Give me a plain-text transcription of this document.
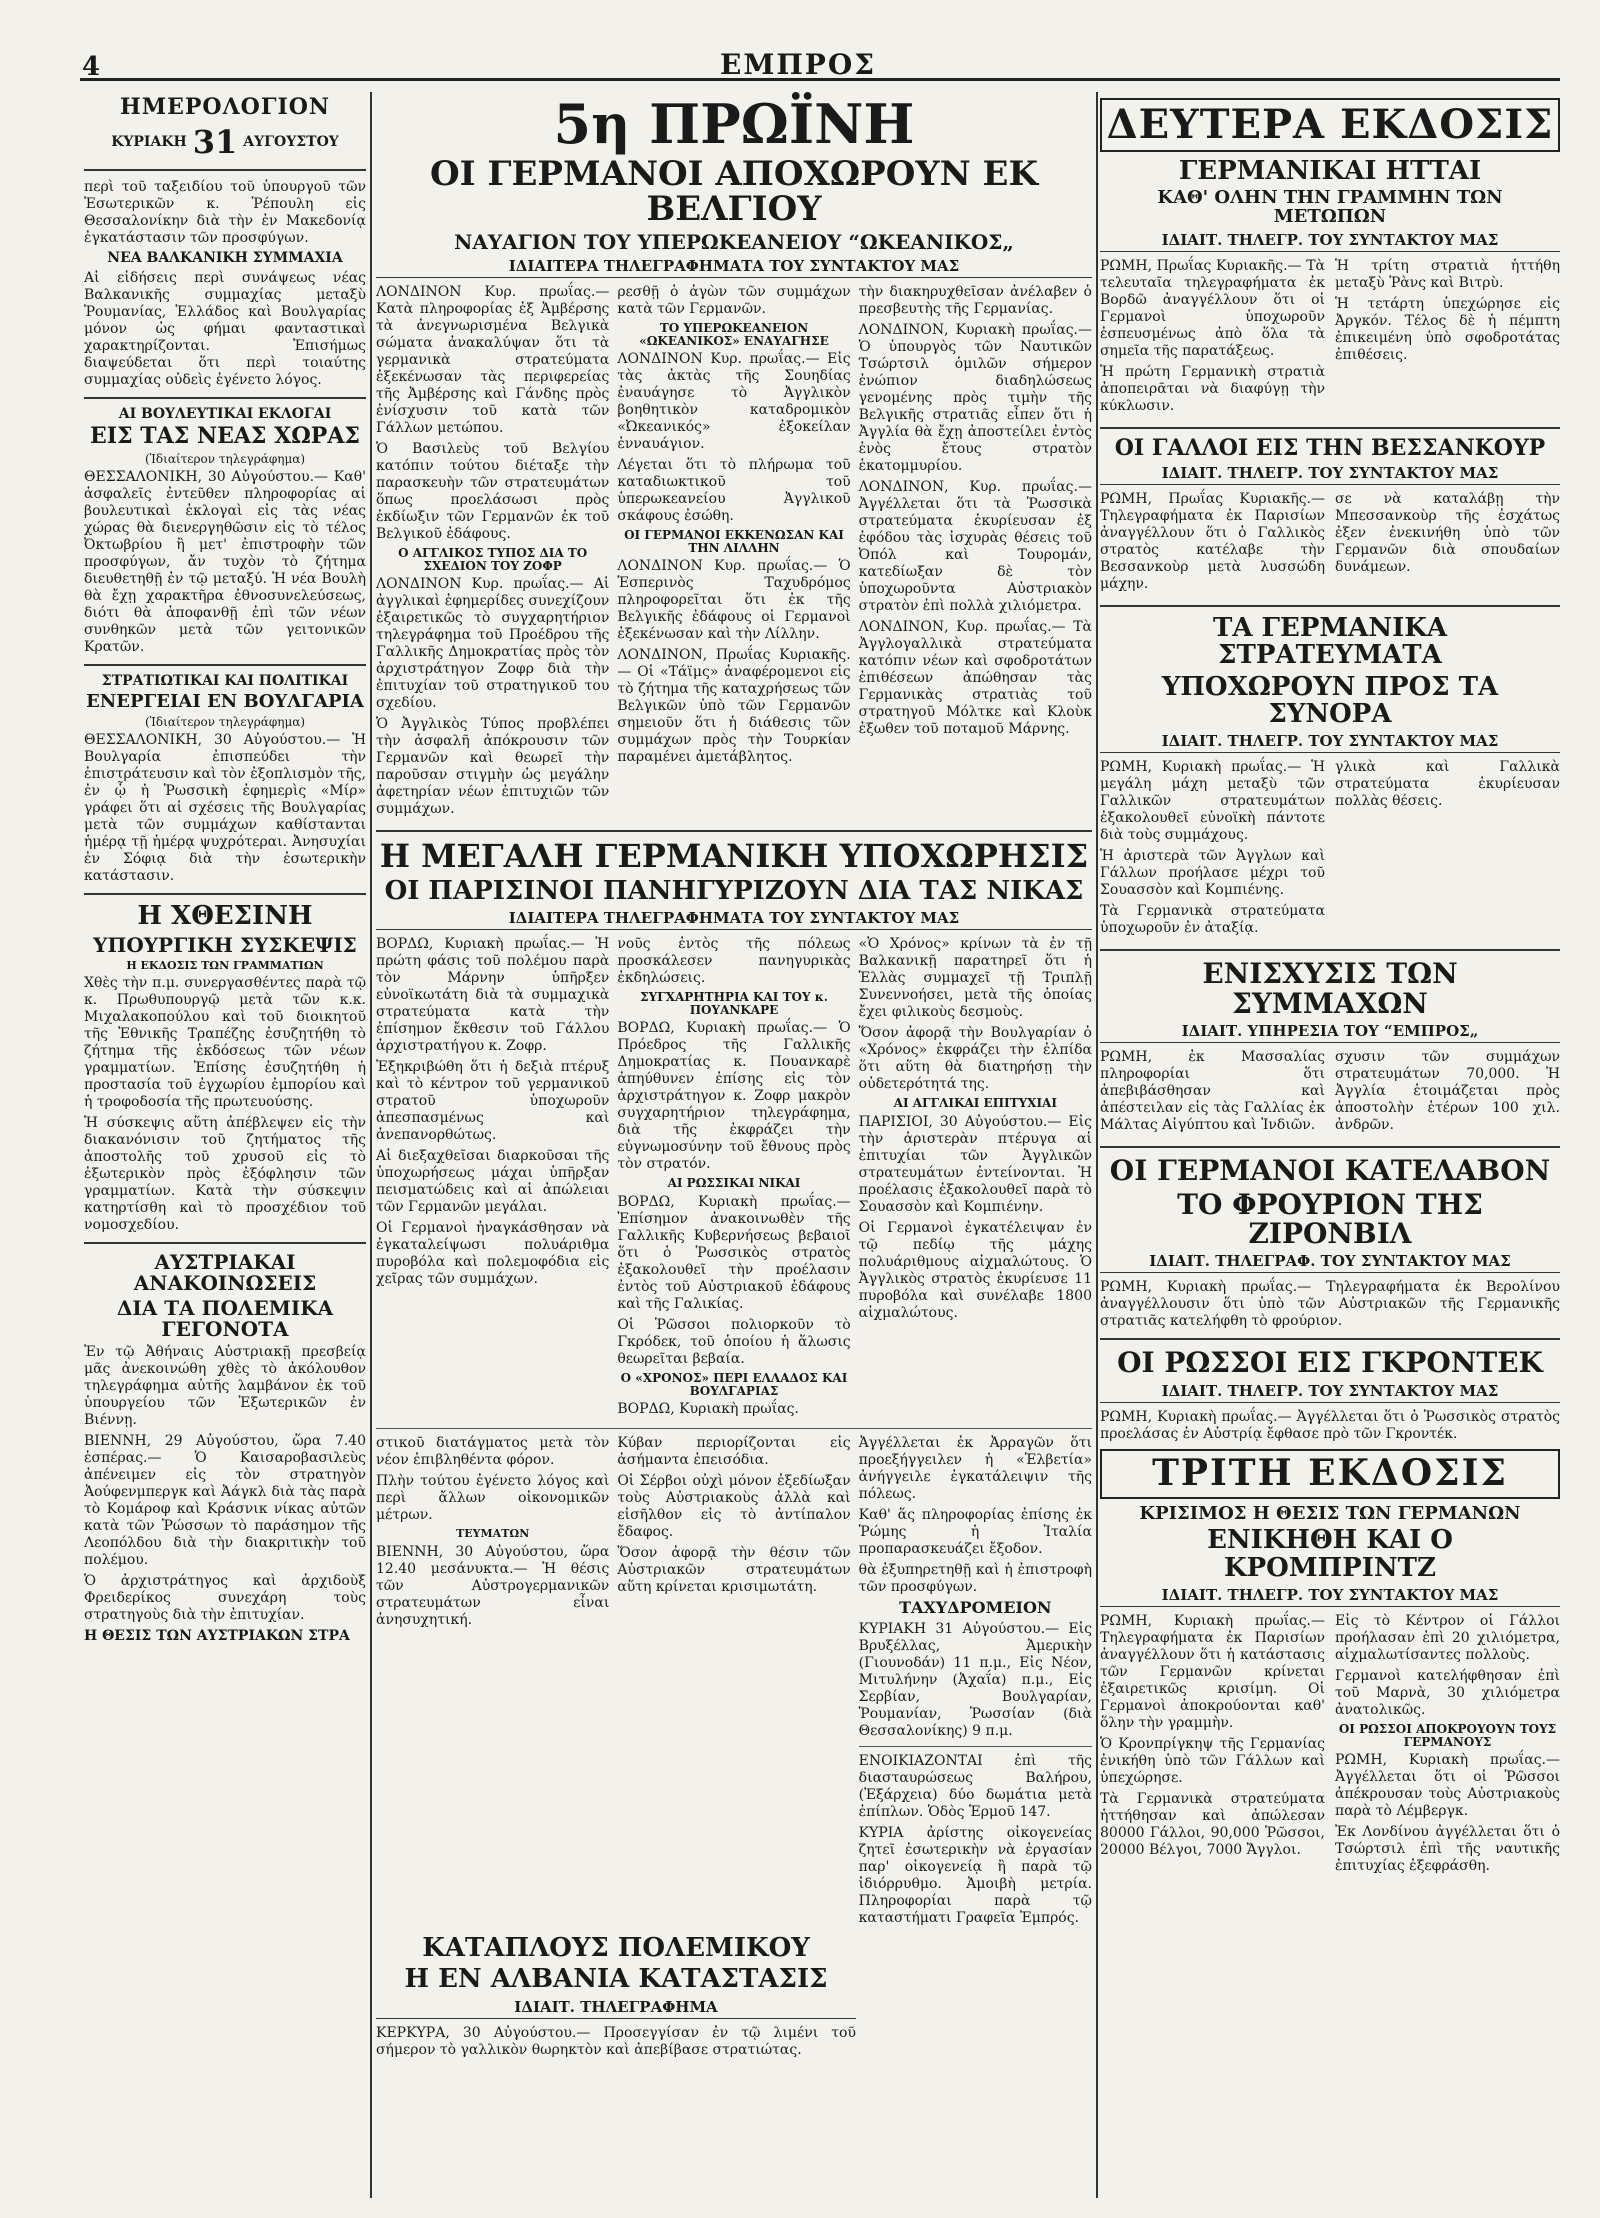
4	ΕΜΠΡΟΣ
ΗΜΕΡΟΛΟΓΙΟΝ
ΚΥΡΙΑΚΗ 31 ΑΥΓΟΥΣΤΟΥ

περὶ τοῦ ταξειδίου τοῦ ὑπουργοῦ τῶν Ἐσωτερικῶν κ. Ῥέπουλη εἰς Θεσσαλονίκην διὰ τὴν ἐν Μακεδονίᾳ ἐγκατάστασιν τῶν προσφύγων.

ΝΕΑ ΒΑΛΚΑΝΙΚΗ ΣΥΜΜΑΧΙΑ

Αἱ εἰδήσεις περὶ συνάψεως νέας Βαλκανικῆς συμμαχίας μεταξὺ Ῥουμανίας, Ἑλλάδος καὶ Βουλγαρίας μόνον ὡς φήμαι φανταστικαὶ χαρακτηρίζονται. Ἐπισήμως διαψεύδεται ὅτι περὶ τοιαύτης συμμαχίας οὐδεὶς ἐγένετο λόγος.

ΑΙ ΒΟΥΛΕΥΤΙΚΑΙ ΕΚΛΟΓΑΙ
ΕΙΣ ΤΑΣ ΝΕΑΣ ΧΩΡΑΣ
(Ἰδιαίτερον τηλεγράφημα)

ΘΕΣΣΑΛΟΝΙΚΗ, 30 Αὐγούστου.— Καθ' ἀσφαλεῖς ἐντεῦθεν πληροφορίας αἱ βουλευτικαὶ ἐκλογαὶ εἰς τὰς νέας χώρας θὰ διενεργηθῶσιν εἰς τὸ τέλος Ὀκτωβρίου ἢ μετ' ἐπιστροφὴν τῶν προσφύγων, ἄν τυχὸν τὸ ζήτημα διευθετηθῇ ἐν τῷ μεταξύ. Ἡ νέα Βουλὴ θὰ ἔχῃ χαρακτῆρα ἐθνοσυνελεύσεως, διότι θὰ ἀποφανθῇ ἐπὶ τῶν νέων συνθηκῶν μετὰ τῶν γειτονικῶν Κρατῶν.

ΣΤΡΑΤΙΩΤΙΚΑΙ ΚΑΙ ΠΟΛΙΤΙΚΑΙ
ΕΝΕΡΓΕΙΑΙ ΕΝ ΒΟΥΛΓΑΡΙΑ
(Ἰδιαίτερον τηλεγράφημα)

ΘΕΣΣΑΛΟΝΙΚΗ, 30 Αὐγούστου.— Ἡ Βουλγαρία ἐπισπεύδει τὴν ἐπιστράτευσιν καὶ τὸν ἐξοπλισμὸν τῆς, ἐν ᾧ ἡ Ῥωσσικὴ ἐφημερὶς «Μίρ» γράφει ὅτι αἱ σχέσεις τῆς Βουλγαρίας μετὰ τῶν συμμάχων καθίστανται ἡμέρᾳ τῇ ἡμέρᾳ ψυχρότεραι. Ἀνησυχίαι ἐν Σόφιᾳ διὰ τὴν ἐσωτερικὴν κατάστασιν.

Η ΧΘΕΣΙΝΗ
ΥΠΟΥΡΓΙΚΗ ΣΥΣΚΕΨΙΣ
Η ΕΚΔΟΣΙΣ ΤΩΝ ΓΡΑΜΜΑΤΙΩΝ

Χθὲς τὴν π.μ. συνεργασθέντες παρὰ τῷ κ. Πρωθυπουργῷ μετὰ τῶν κ.κ. Μιχαλακοπούλου καὶ τοῦ διοικητοῦ τῆς Ἐθνικῆς Τραπέζης ἐσυζητήθη τὸ ζήτημα τῆς ἐκδόσεως τῶν νέων γραμματίων. Ἐπίσης ἐσυζητήθη ἡ προστασία τοῦ ἐγχωρίου ἐμπορίου καὶ ἡ τροφοδοσία τῆς πρωτευούσης.

Ἡ σύσκεψις αὕτη ἀπέβλεψεν εἰς τὴν διακανόνισιν τοῦ ζητήματος τῆς ἀποστολῆς τοῦ χρυσοῦ εἰς τὸ ἐξωτερικὸν πρὸς ἐξόφλησιν τῶν γραμματίων. Κατὰ τὴν σύσκεψιν κατηρτίσθη καὶ τὸ προσχέδιον τοῦ νομοσχεδίου.

ΑΥΣΤΡΙΑΚΑΙ ΑΝΑΚΟΙΝΩΣΕΙΣ
ΔΙΑ ΤΑ ΠΟΛΕΜΙΚΑ ΓΕΓΟΝΟΤΑ

Ἐν τῷ Ἀθήναις Αὐστριακῇ πρεσβείᾳ μᾶς ἀνεκοινώθη χθὲς τὸ ἀκόλουθον τηλεγράφημα αὐτῆς λαμβάνον ἐκ τοῦ ὑπουργείου τῶν Ἐξωτερικῶν ἐν Βιέννῃ.

ΒΙΕΝΝΗ, 29 Αὐγούστου, ὥρα 7.40 ἑσπέρας.— Ὁ Καισαροβασιλεὺς ἀπένειμεν εἰς τὸν στρατηγὸν Ἀούφενμπεργκ καὶ Ἀάγκλ διὰ τὰς παρὰ τὸ Κομάροφ καὶ Κράσνικ νίκας αὐτῶν κατὰ τῶν Ῥώσσων τὸ παράσημον τῆς Λεοπόλδου διὰ τὴν διακριτικὴν τοῦ πολέμου.

Ὁ ἀρχιστράτηγος καὶ ἀρχιδοὺξ Φρειδερίκος συνεχάρη τοὺς στρατηγοὺς διὰ τὴν ἐπιτυχίαν.

Η ΘΕΣΙΣ ΤΩΝ ΑΥΣΤΡΙΑΚΩΝ ΣΤΡΑ

5η ΠΡΩΪΝΗ
ΟΙ ΓΕΡΜΑΝΟΙ ΑΠΟΧΩΡΟΥΝ ΕΚ ΒΕΛΓΙΟΥ
ΝΑΥΑΓΙΟΝ ΤΟΥ ΥΠΕΡΩΚΕΑΝΕΙΟΥ “ΩΚΕΑΝΙΚΟΣ„
ΙΔΙΑΙΤΕΡΑ ΤΗΛΕΓΡΑΦΗΜΑΤΑ ΤΟΥ ΣΥΝΤΑΚΤΟΥ ΜΑΣ

ΛΟΝΔΙΝΟΝ Κυρ. πρωΐας.— Κατὰ πληροφορίας ἐξ Ἀμβέρσης τὰ ἀνεγνωρισμένα Βελγικὰ σώματα ἀνακαλύψαν ὅτι τὰ γερμανικὰ στρατεύματα ἐξεκένωσαν τὰς περιφερείας τῆς Ἀμβέρσης καὶ Γάνδης πρὸς ἐνίσχυσιν τοῦ κατὰ τῶν Γάλλων μετώπου.

Ὁ Βασιλεὺς τοῦ Βελγίου κατόπιν τούτου διέταξε τὴν παρασκευὴν τῶν στρατευμάτων ὅπως προελάσωσι πρὸς ἐκδίωξιν τῶν Γερμανῶν ἐκ τοῦ Βελγικοῦ ἐδάφους.

Ο ΑΓΓΛΙΚΟΣ ΤΥΠΟΣ ΔΙΑ ΤΟ ΣΧΕΔΙΟΝ ΤΟΥ ΖΟΦΡ

ΛΟΝΔΙΝΟΝ Κυρ. πρωΐας.— Αἱ ἀγγλικαὶ ἐφημερίδες συνεχίζουν ἐξαιρετικῶς τὸ συγχαρητήριον τηλεγράφημα τοῦ Προέδρου τῆς Γαλλικῆς Δημοκρατίας πρὸς τὸν ἀρχιστράτηγον Ζοφρ διὰ τὴν ἐπιτυχίαν τοῦ στρατηγικοῦ του σχεδίου.

Ὁ Ἀγγλικὸς Τύπος προβλέπει τὴν ἀσφαλῆ ἀπόκρουσιν τῶν Γερμανῶν καὶ θεωρεῖ τὴν παροῦσαν στιγμὴν ὡς μεγάλην ἀφετηρίαν νέων ἐπιτυχιῶν τῶν συμμάχων.

ρεσθῇ ὁ ἀγὼν τῶν συμμάχων κατὰ τῶν Γερμανῶν.

ΤΟ ΥΠΕΡΩΚΕΑΝΕΙΟΝ «ΩΚΕΑΝΙΚΟΣ» ΕΝΑΥΑΓΗΣΕ

ΛΟΝΔΙΝΟΝ Κυρ. πρωΐας.— Εἰς τὰς ἀκτὰς τῆς Σουηδίας ἐναυάγησε τὸ Ἀγγλικὸν βοηθητικὸν καταδρομικὸν «Ὠκεανικός» ἐξοκείλαν ἐνναυάγιον.

Λέγεται ὅτι τὸ πλήρωμα τοῦ καταδιωκτικοῦ τοῦ ὑπερωκεανείου Ἀγγλικοῦ σκάφους ἐσώθη.

ΟΙ ΓΕΡΜΑΝΟΙ ΕΚΚΕΝΩΣΑΝ ΚΑΙ ΤΗΝ ΛΙΛΛΗΝ

ΛΟΝΔΙΝΟΝ Κυρ. πρωΐας.— Ὁ Ἑσπερινὸς Ταχυδρόμος πληροφορεῖται ὅτι ἐκ τῆς Βελγικῆς ἐδάφους οἱ Γερμανοὶ ἐξεκένωσαν καὶ τὴν Λίλλην.

ΛΟΝΔΙΝΟΝ, Πρωΐας Κυριακῆς.— Οἱ «Τάϊμς» ἀναφέρομενοι εἰς τὸ ζήτημα τῆς καταχρήσεως τῶν Βελγικῶν ὑπὸ τῶν Γερμανῶν σημειοῦν ὅτι ἡ διάθεσις τῶν συμμάχων πρὸς τὴν Τουρκίαν παραμένει ἀμετάβλητος.

τὴν διακηρυχθεῖσαν ἀνέλαβεν ὁ πρεσβευτὴς τῆς Γερμανίας.

ΛΟΝΔΙΝΟΝ, Κυριακὴ πρωΐας.— Ὁ ὑπουργὸς τῶν Ναυτικῶν Τσώρτσιλ ὁμιλῶν σήμερον ἐνώπιον διαδηλώσεως γενομένης πρὸς τιμὴν τῆς Βελγικῆς στρατιᾶς εἶπεν ὅτι ἡ Ἀγγλία θὰ ἔχῃ ἀποστείλει ἐντὸς ἑνὸς ἔτους στρατὸν ἑκατομμυρίου.

ΛΟΝΔΙΝΟΝ, Κυρ. πρωΐας.— Ἀγγέλλεται ὅτι τὰ Ῥωσσικὰ στρατεύματα ἐκυρίευσαν ἐξ ἐφόδου τὰς ἰσχυρὰς θέσεις τοῦ Ὀπόλ καὶ Τουρομάν, κατεδίωξαν δὲ τὸν ὑποχωροῦντα Αὐστριακὸν στρατὸν ἐπὶ πολλὰ χιλιόμετρα.

ΛΟΝΔΙΝΟΝ, Κυρ. πρωΐας.— Τὰ Ἀγγλογαλλικὰ στρατεύματα κατόπιν νέων καὶ σφοδροτάτων ἐπιθέσεων ἀπώθησαν τὰς Γερμανικὰς στρατιὰς τοῦ στρατηγοῦ Μόλτκε καὶ Κλοὺκ ἐξωθεν τοῦ ποταμοῦ Μάρνης.

Η ΜΕΓΑΛΗ ΓΕΡΜΑΝΙΚΗ ΥΠΟΧΩΡΗΣΙΣ
ΟΙ ΠΑΡΙΣΙΝΟΙ ΠΑΝΗΓΥΡΙΖΟΥΝ ΔΙΑ ΤΑΣ ΝΙΚΑΣ
ΙΔΙΑΙΤΕΡΑ ΤΗΛΕΓΡΑΦΗΜΑΤΑ ΤΟΥ ΣΥΝΤΑΚΤΟΥ ΜΑΣ

ΒΟΡΔΩ, Κυριακὴ πρωΐας.— Ἡ πρώτη φάσις τοῦ πολέμου παρὰ τὸν Μάρνην ὑπῆρξεν εὐνοϊκωτάτη διὰ τὰ συμμαχικὰ στρατεύματα κατὰ τὴν ἐπίσημον ἔκθεσιν τοῦ Γάλλου ἀρχιστρατήγου κ. Ζοφρ.

Ἐξηκριβώθη ὅτι ἡ δεξιὰ πτέρυξ καὶ τὸ κέντρον τοῦ γερμανικοῦ στρατοῦ ὑποχωροῦν ἀπεσπασμένως καὶ ἀνεπανορθώτως.

Αἱ διεξαχθεῖσαι διαρκοῦσαι τῆς ὑποχωρήσεως μάχαι ὑπῆρξαν πεισματώδεις καὶ αἱ ἀπώλειαι τῶν Γερμανῶν μεγάλαι.

Οἱ Γερμανοὶ ἠναγκάσθησαν νὰ ἐγκαταλείψωσι πολυάριθμα πυροβόλα καὶ πολεμοφόδια εἰς χεῖρας τῶν συμμάχων.

νοῦς ἐντὸς τῆς πόλεως προσκάλεσεν πανηγυρικὰς ἐκδηλώσεις.

ΣΥΓΧΑΡΗΤΗΡΙΑ ΚΑΙ ΤΟΥ κ. ΠΟΥΑΝΚΑΡΕ

ΒΟΡΔΩ, Κυριακὴ πρωΐας.— Ὁ Πρόεδρος τῆς Γαλλικῆς Δημοκρατίας κ. Πουανκαρὲ ἀπηύθυνεν ἐπίσης εἰς τὸν ἀρχιστράτηγον κ. Ζοφρ μακρὸν συγχαρητήριον τηλεγράφημα, διὰ τῆς ἐκφράζει τὴν εὐγνωμοσύνην τοῦ ἔθνους πρὸς τὸν στρατόν.

ΑΙ ΡΩΣΣΙΚΑΙ ΝΙΚΑΙ

ΒΟΡΔΩ, Κυριακὴ πρωΐας.— Ἐπίσημον ἀνακοινωθὲν τῆς Γαλλικῆς Κυβερνήσεως βεβαιοῖ ὅτι ὁ Ῥωσσικὸς στρατὸς ἐξακολουθεῖ τὴν προέλασιν ἐντὸς τοῦ Αὐστριακοῦ ἐδάφους καὶ τῆς Γαλικίας.

Οἱ Ῥῶσσοι πολιορκοῦν τὸ Γκρόδεκ, τοῦ ὁποίου ἡ ἅλωσις θεωρεῖται βεβαία.

Ο «ΧΡΟΝΟΣ» ΠΕΡΙ ΕΛΛΑΔΟΣ ΚΑΙ ΒΟΥΛΓΑΡΙΑΣ

ΒΟΡΔΩ, Κυριακὴ πρωΐας.

«Ὁ Χρόνος» κρίνων τὰ ἐν τῇ Βαλκανικῇ παρατηρεῖ ὅτι ἡ Ἑλλὰς συμμαχεῖ τῇ Τριπλῇ Συνεννοήσει, μετὰ τῆς ὁποίας ἔχει φιλικοὺς δεσμοὺς.

Ὅσον ἀφορᾷ τὴν Βουλγαρίαν ὁ «Χρόνος» ἐκφράζει τὴν ἐλπίδα ὅτι αὕτη θὰ διατηρήσῃ τὴν οὐδετερότητά της.

ΑΙ ΑΓΓΛΙΚΑΙ ΕΠΙΤΥΧΙΑΙ

ΠΑΡΙΣΙΟΙ, 30 Αὐγούστου.— Εἰς τὴν ἀριστερὰν πτέρυγα αἱ ἐπιτυχίαι τῶν Ἀγγλικῶν στρατευμάτων ἐντείνονται. Ἡ προέλασις ἐξακολουθεῖ παρὰ τὸ Σουασσὸν καὶ Κομπιένην.

Οἱ Γερμανοὶ ἐγκατέλειψαν ἐν τῷ πεδίῳ τῆς μάχης πολυάριθμους αἰχμαλώτους. Ὁ Ἀγγλικὸς στρατὸς ἐκυρίευσε 11 πυροβόλα καὶ συνέλαβε 1800 αἰχμαλώτους.

στικοῦ διατάγματος μετὰ τὸν νέον ἐπιβληθέντα φόρον.

Πλὴν τούτου ἐγένετο λόγος καὶ περὶ ἄλλων οἰκονομικῶν μέτρων.

ΤΕΥΜΑΤΩΝ

ΒΙΕΝΝΗ, 30 Αὐγούστου, ὥρα 12.40 μεσάνυκτα.— Ἡ θέσις τῶν Αὐστρογερμανικῶν στρατευμάτων εἶναι ἀνησυχητική.

Κύβαν περιορίζονται εἰς ἀσήμαντα ἐπεισόδια.

Οἱ Σέρβοι οὐχὶ μόνον ἐξεδίωξαν τοὺς Αὐστριακοὺς ἀλλὰ καὶ εἰσῆλθον εἰς τὸ ἀντίπαλον ἔδαφος.

Ὅσον ἀφορᾷ τὴν θέσιν τῶν Αὐστριακῶν στρατευμάτων αὕτη κρίνεται κρισιμωτάτη.

Ἀγγέλλεται ἐκ Ἀρραγῶν ὅτι προεξήγγειλεν ἡ «Ἑλβετία» ἀνήγγειλε ἐγκατάλειψιν τῆς πόλεως.

Καθ' ἅς πληροφορίας ἐπίσης ἐκ Ῥώμης ἡ Ἰταλία προπαρασκευάζει ἔξοδον.

θὰ ἐξυπηρετηθῇ καὶ ἡ ἐπιστροφὴ τῶν προσφύγων.

ΤΑΧΥΔΡΟΜΕΙΟΝ

ΚΥΡΙΑΚΗ 31 Αὐγούστου.— Εἰς Βρυξέλλας, Ἀμερικὴν (Γιουνοδάν) 11 π.μ., Εἰς Νέον, Μιτυλήνην (Ἀχαΐα) π.μ., Εἰς Σερβίαν, Βουλγαρίαν, Ῥουμανίαν, Ῥωσσίαν (διὰ Θεσσαλονίκης) 9 π.μ.

ΕΝΟΙΚΙΑΖΟΝΤΑΙ ἐπὶ τῆς διασταυρώσεως Βαλήρου, (Ἐξάρχεια) δύο δωμάτια μετὰ ἐπίπλων. Ὁδὸς Ἑρμοῦ 147.

ΚΥΡΙΑ ἀρίστης οἰκογενείας ζητεῖ ἐσωτερικὴν νὰ ἐργασίαν παρ' οἰκογενείᾳ ἢ παρὰ τῷ ἰδιόρρυθμο. Ἀμοιβὴ μετρία. Πληροφορίαι παρὰ τῷ καταστήματι Γραφεῖα Ἐμπρός.

ΚΑΤΑΠΛΟΥΣ ΠΟΛΕΜΙΚΟΥ
Η ΕΝ ΑΛΒΑΝΙΑ ΚΑΤΑΣΤΑΣΙΣ
ΙΔΙΑΙΤ. ΤΗΛΕΓΡΑΦΗΜΑ

ΚΕΡΚΥΡΑ, 30 Αὐγούστου.— Προσεγγίσαν ἐν τῷ λιμένι τοῦ σήμερον τὸ γαλλικὸν θωρηκτὸν καὶ ἀπεβίβασε στρατιώτας.

ΔΕΥΤΕΡΑ ΕΚΔΟΣΙΣ
ΓΕΡΜΑΝΙΚΑΙ ΗΤΤΑΙ
ΚΑΘ' ΟΛΗΝ ΤΗΝ ΓΡΑΜΜΗΝ ΤΩΝ ΜΕΤΩΠΩΝ
ΙΔΙΑΙΤ. ΤΗΛΕΓΡ. ΤΟΥ ΣΥΝΤΑΚΤΟΥ ΜΑΣ

ΡΩΜΗ, Πρωΐας Κυριακῆς.— Τὰ τελευταῖα τηλεγραφήματα ἐκ Βορδῶ ἀναγγέλλουν ὅτι οἱ Γερμανοὶ ὑποχωροῦν ἐσπευσμένως ἀπὸ ὅλα τὰ σημεῖα τῆς παρατάξεως.

Ἡ πρώτη Γερμανικὴ στρατιὰ ἀποπειρᾶται νὰ διαφύγῃ τὴν κύκλωσιν.

Ἡ τρίτη στρατιὰ ἡττήθη μεταξὺ Ῥὰνς καὶ Βιτρὺ.

Ἡ τετάρτη ὑπεχώρησε εἰς Ἀργκόν. Τέλος δὲ ἡ πέμπτη ἐπικειμένη ὑπὸ σφοδροτάτας ἐπιθέσεις.

ΟΙ ΓΑΛΛΟΙ ΕΙΣ ΤΗΝ ΒΕΣΣΑΝΚΟΥΡ
ΙΔΙΑΙΤ. ΤΗΛΕΓΡ. ΤΟΥ ΣΥΝΤΑΚΤΟΥ ΜΑΣ

ΡΩΜΗ, Πρωΐας Κυριακῆς.— Τηλεγραφήματα ἐκ Παρισίων ἀναγγέλλουν ὅτι ὁ Γαλλικὸς στρατὸς κατέλαβε τὴν Βεσσανκοὺρ μετὰ λυσσώδη μάχην.

σε νὰ καταλάβῃ τὴν Μπεσσανκοὺρ τῆς ἐσχάτως ἐξεν ἐνεκινήθη ὑπὸ τῶν Γερμανῶν διὰ σπουδαίων δυνάμεων.

ΤΑ ΓΕΡΜΑΝΙΚΑ ΣΤΡΑΤΕΥΜΑΤΑ
ΥΠΟΧΩΡΟΥΝ ΠΡΟΣ ΤΑ ΣΥΝΟΡΑ
ΙΔΙΑΙΤ. ΤΗΛΕΓΡ. ΤΟΥ ΣΥΝΤΑΚΤΟΥ ΜΑΣ

ΡΩΜΗ, Κυριακὴ πρωΐας.— Ἡ μεγάλη μάχη μεταξὺ τῶν Γαλλικῶν στρατευμάτων ἐξακολουθεῖ εὐνοϊκὴ πάντοτε διὰ τοὺς συμμάχους.

Ἡ ἀριστερὰ τῶν Ἀγγλων καὶ Γάλλων προήλασε μέχρι τοῦ Σουασσὸν καὶ Κομπιένης.

Τὰ Γερμανικὰ στρατεύματα ὑποχωροῦν ἐν ἀταξίᾳ.

γλικὰ καὶ Γαλλικὰ στρατεύματα ἐκυρίευσαν πολλὰς θέσεις.

ΕΝΙΣΧΥΣΙΣ ΤΩΝ ΣΥΜΜΑΧΩΝ
ΙΔΙΑΙΤ. ΥΠΗΡΕΣΙΑ ΤΟΥ “ΕΜΠΡΟΣ„

ΡΩΜΗ, ἐκ Μασσαλίας πληροφορίαι ὅτι ἀπεβιβάσθησαν καὶ ἀπέστειλαν εἰς τὰς Γαλλίας ἐκ Μάλτας Αἰγύπτου καὶ Ἰνδιῶν.

σχυσιν τῶν συμμάχων στρατευμάτων 70,000. Ἡ Ἀγγλία ἑτοιμάζεται πρὸς ἀποστολὴν ἑτέρων 100 χιλ. ἀνδρῶν.

ΟΙ ΓΕΡΜΑΝΟΙ ΚΑΤΕΛΑΒΟΝ
ΤΟ ΦΡΟΥΡΙΟΝ ΤΗΣ ΖΙΡΟΝΒΙΛ
ΙΔΙΑΙΤ. ΤΗΛΕΓΡΑΦ. ΤΟΥ ΣΥΝΤΑΚΤΟΥ ΜΑΣ

ΡΩΜΗ, Κυριακὴ πρωΐας.— Τηλεγραφήματα ἐκ Βερολίνου ἀναγγέλλουσιν ὅτι ὑπὸ τῶν Αὐστριακῶν τῆς Γερμανικῆς στρατιᾶς κατελήφθη τὸ φρούριον.

ΟΙ ΡΩΣΣΟΙ ΕΙΣ ΓΚΡΟΝΤΕΚ
ΙΔΙΑΙΤ. ΤΗΛΕΓΡ. ΤΟΥ ΣΥΝΤΑΚΤΟΥ ΜΑΣ

ΡΩΜΗ, Κυριακὴ πρωΐας.— Ἀγγέλλεται ὅτι ὁ Ῥωσσικὸς στρατὸς προελάσας ἐν Αὐστρίᾳ ἔφθασε πρὸ τῶν Γκροντέκ.

ΤΡΙΤΗ ΕΚΔΟΣΙΣ
ΚΡΙΣΙΜΟΣ Η ΘΕΣΙΣ ΤΩΝ ΓΕΡΜΑΝΩΝ
ΕΝΙΚΗΘΗ ΚΑΙ Ο ΚΡΟΜΠΡΙΝΤΖ
ΙΔΙΑΙΤ. ΤΗΛΕΓΡ. ΤΟΥ ΣΥΝΤΑΚΤΟΥ ΜΑΣ

ΡΩΜΗ, Κυριακὴ πρωΐας.— Τηλεγραφήματα ἐκ Παρισίων ἀναγγέλλουν ὅτι ἡ κατάστασις τῶν Γερμανῶν κρίνεται ἐξαιρετικῶς κρισίμη. Οἱ Γερμανοὶ ἀποκρούονται καθ' ὅλην τὴν γραμμὴν.

Ὁ Κρονπρίγκηψ τῆς Γερμανίας ἐνικήθη ὑπὸ τῶν Γάλλων καὶ ὑπεχώρησε.

Τὰ Γερμανικὰ στρατεύματα ἡττήθησαν καὶ ἀπώλεσαν 80000 Γάλλοι, 90,000 Ῥῶσσοι, 20000 Βέλγοι, 7000 Ἄγγλοι.

Εἰς τὸ Κέντρον οἱ Γάλλοι προήλασαν ἐπὶ 20 χιλιόμετρα, αἰχμαλωτίσαντες πολλοὺς.

Γερμανοὶ κατελήφθησαν ἐπὶ τοῦ Μαρνὰ, 30 χιλιόμετρα ἀνατολικῶς.

ΟΙ ΡΩΣΣΟΙ ΑΠΟΚΡΟΥΟΥΝ ΤΟΥΣ ΓΕΡΜΑΝΟΥΣ

ΡΩΜΗ, Κυριακὴ πρωΐας.— Ἀγγέλλεται ὅτι οἱ Ῥῶσσοι ἀπέκρουσαν τοὺς Αὐστριακοὺς παρὰ τὸ Λέμβεργκ.

Ἐκ Λονδίνου ἀγγέλλεται ὅτι ὁ Τσώρτσιλ ἐπὶ τῆς ναυτικῆς ἐπιτυχίας ἐξεφράσθη.
